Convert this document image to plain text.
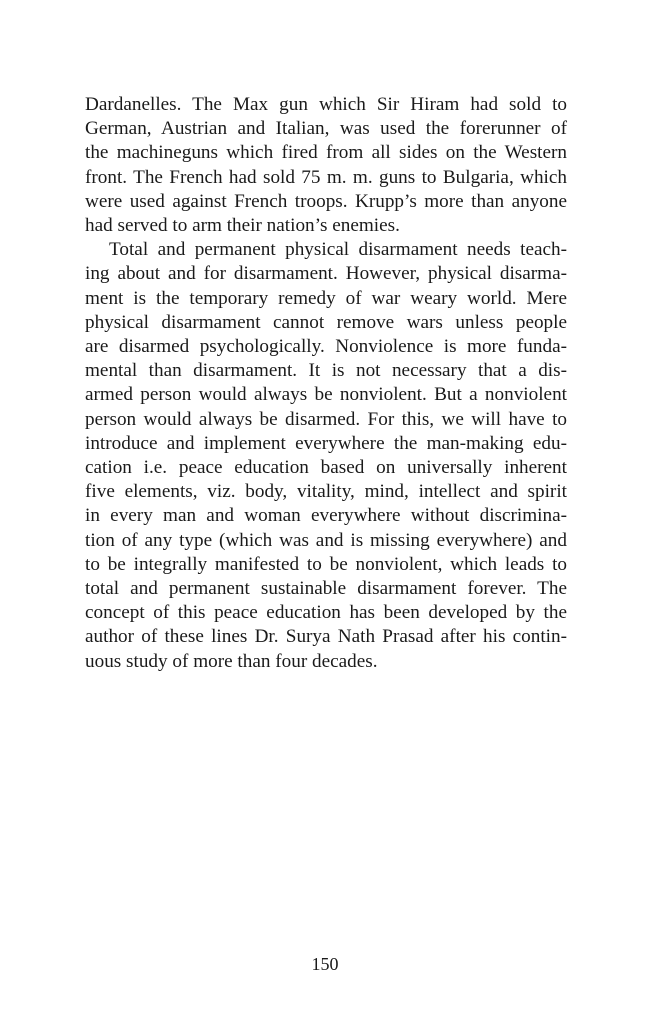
Dardanelles. The Max gun which Sir Hiram had sold to
German, Austrian and Italian, was used the forerunner of
the machineguns which fired from all sides on the Western
front. The French had sold 75 m. m. guns to Bulgaria, which
were used against French troops. Krupp’s more than anyone
had served to arm their nation’s enemies.
Total and permanent physical disarmament needs teach-
ing about and for disarmament. However, physical disarma-
ment is the temporary remedy of war weary world. Mere
physical disarmament cannot remove wars unless people
are disarmed psychologically. Nonviolence is more funda-
mental than disarmament. It is not necessary that a dis-
armed person would always be nonviolent. But a nonviolent
person would always be disarmed. For this, we will have to
introduce and implement everywhere the man-making edu-
cation i.e. peace education based on universally inherent
five elements, viz. body, vitality, mind, intellect and spirit
in every man and woman everywhere without discrimina-
tion of any type (which was and is missing everywhere) and
to be integrally manifested to be nonviolent, which leads to
total and permanent sustainable disarmament forever. The
concept of this peace education has been developed by the
author of these lines Dr. Surya Nath Prasad after his contin-
uous study of more than four decades.
150
